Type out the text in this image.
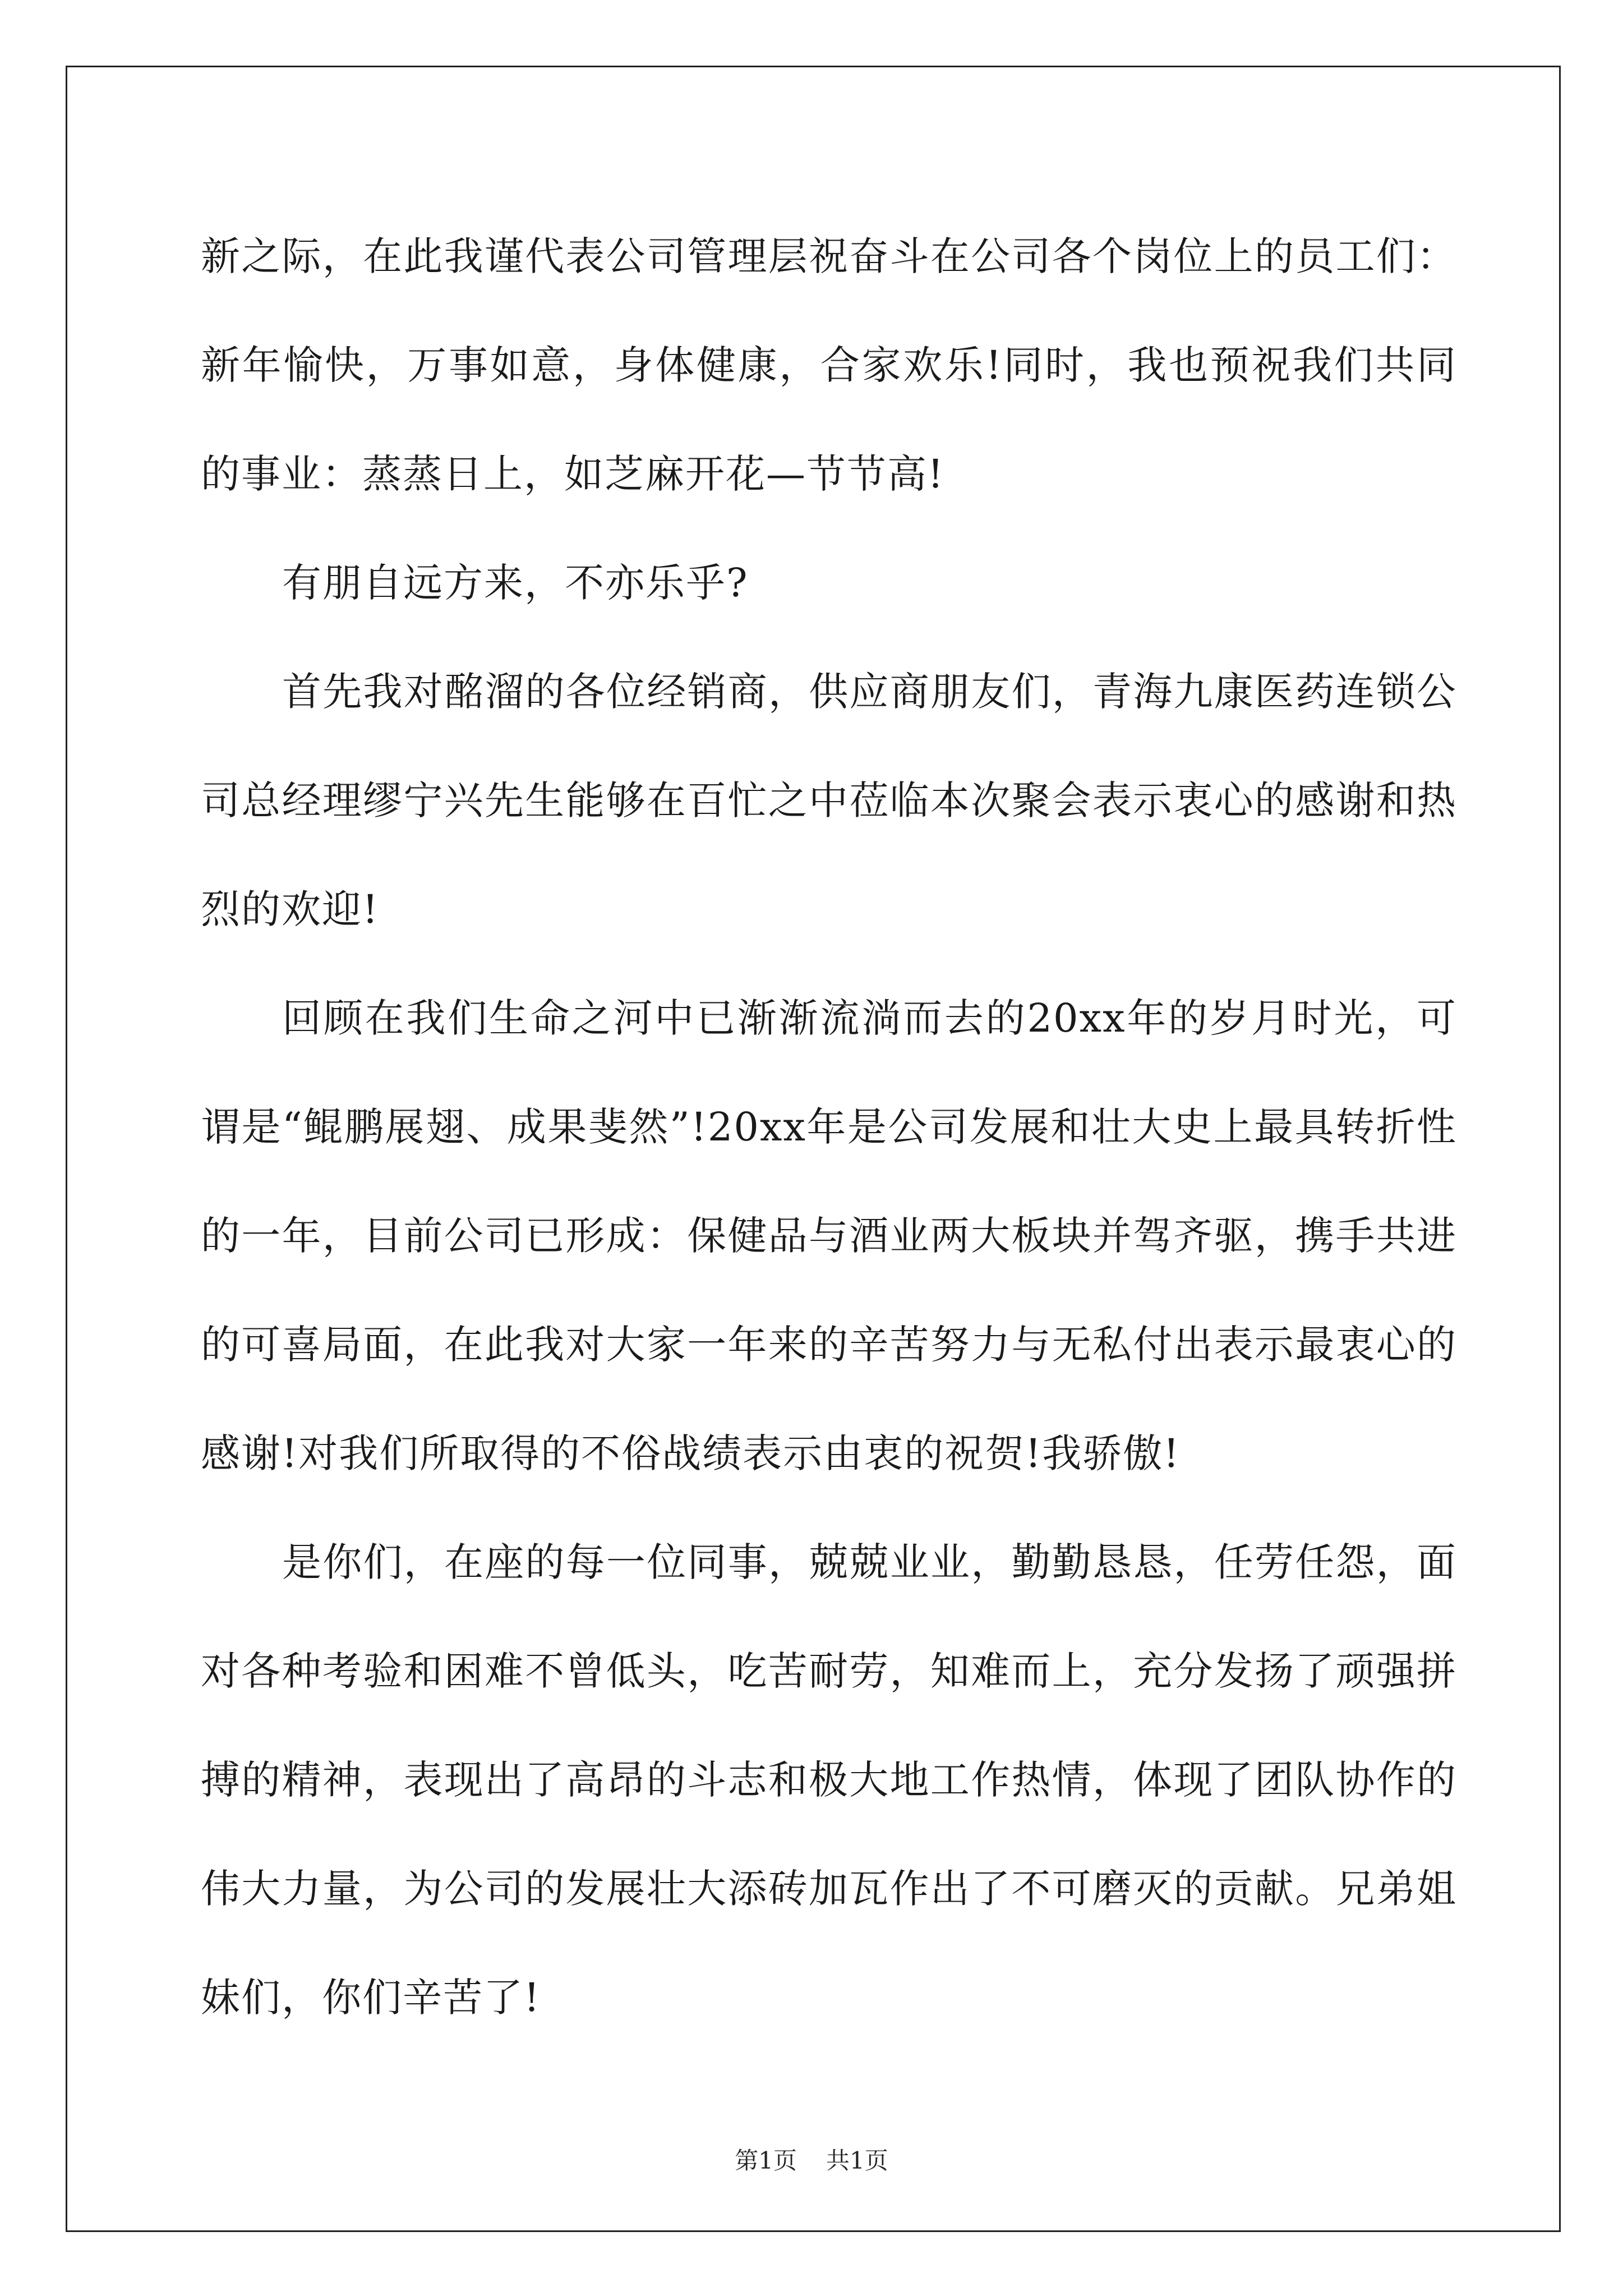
新之际，在此我谨代表公司管理层祝奋斗在公司各个岗位上的员工们：新年愉快，万事如意，身体健康，合家欢乐!同时，我也预祝我们共同的事业：蒸蒸日上，如芝麻开花—节节高!

有朋自远方来，不亦乐乎?

首先我对酩溜的各位经销商，供应商朋友们，青海九康医药连锁公司总经理缪宁兴先生能够在百忙之中莅临本次聚会表示衷心的感谢和热烈的欢迎!

回顾在我们生命之河中已渐渐流淌而去的20xx年的岁月时光，可谓是“鲲鹏展翅、成果斐然”!20xx年是公司发展和壮大史上最具转折性的一年，目前公司已形成：保健品与酒业两大板块并驾齐驱，携手共进的可喜局面，在此我对大家一年来的辛苦努力与无私付出表示最衷心的感谢!对我们所取得的不俗战绩表示由衷的祝贺!我骄傲!

是你们，在座的每一位同事，兢兢业业，勤勤恳恳，任劳任怨，面对各种考验和困难不曾低头，吃苦耐劳，知难而上，充分发扬了顽强拼搏的精神，表现出了高昂的斗志和极大地工作热情，体现了团队协作的伟大力量，为公司的发展壮大添砖加瓦作出了不可磨灭的贡献。兄弟姐妹们，你们辛苦了!

第1页 共1页
